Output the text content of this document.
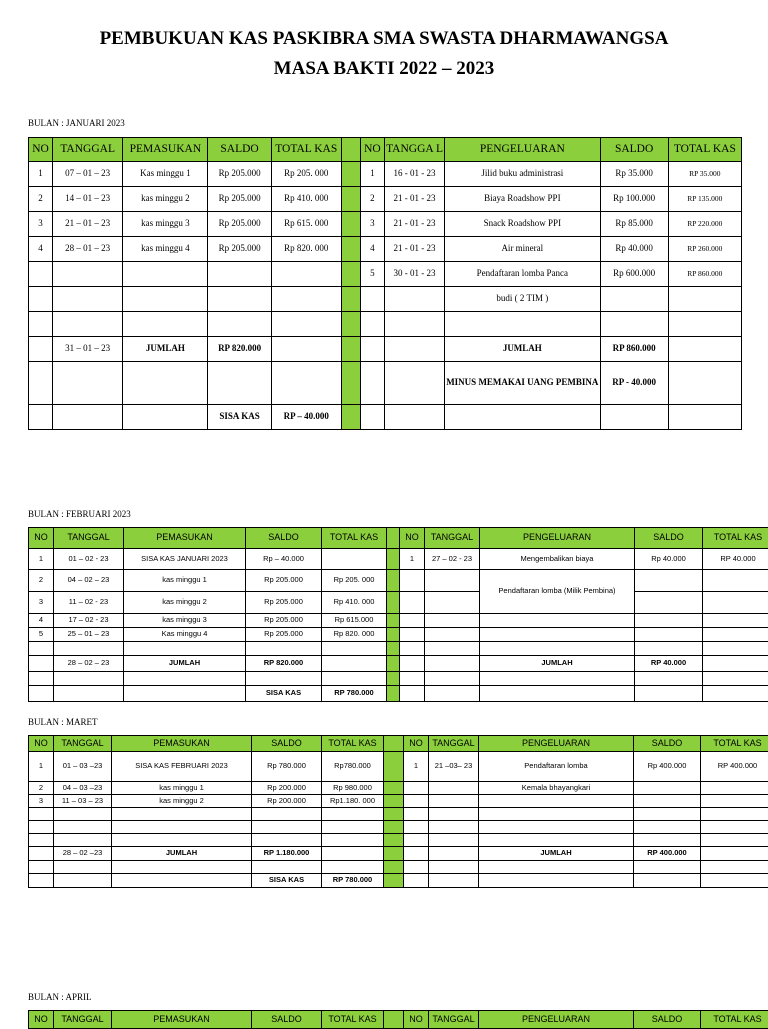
PEMBUKUAN KAS PASKIBRA SMA SWASTA DHARMAWANGSA
MASA BAKTI 2022 – 2023
BULAN : JANUARI 2023
NO	TANGGAL	PEMASUKAN	SALDO	TOTAL KAS		NO	TANGGA L	PENGELUARAN	SALDO	TOTAL KAS
1	07 – 01 – 23	Kas minggu 1	Rp 205.000	Rp 205. 000		1	16 - 01 - 23	Jilid buku administrasi	Rp 35.000	RP 35.000
2	14 – 01 – 23	kas minggu 2	Rp 205.000	Rp 410. 000		2	21 - 01 - 23	Biaya Roadshow PPI	Rp 100.000	RP 135.000
3	21 – 01 – 23	kas minggu 3	Rp 205.000	Rp 615. 000		3	21 - 01 - 23	Snack Roadshow PPI	Rp 85.000	RP 220.000
4	28 – 01 – 23	kas minggu 4	Rp 205.000	Rp 820. 000		4	21 - 01 - 23	Air mineral	Rp 40.000	RP 260.000
						5	30 - 01 - 23	Pendaftaran lomba Panca	Rp 600.000	RP 860.000
								budi ( 2 TIM )		

	31 – 01 – 23	JUMLAH	RP 820.000					JUMLAH	RP 860.000	
								MINUS MEMAKAI UANG PEMBINA	RP - 40.000	
			SISA KAS	RP – 40.000						
BULAN : FEBRUARI 2023
NO	TANGGAL	PEMASUKAN	SALDO	TOTAL KAS		NO	TANGGAL	PENGELUARAN	SALDO	TOTAL KAS
1	01 – 02 - 23	SISA KAS JANUARI 2023	Rp – 40.000			1	27 – 02 - 23	Mengembalikan biaya	Rp 40.000	RP 40.000
2	04 – 02 – 23	kas minggu 1	Rp 205.000	Rp 205. 000				Pendaftaran lomba (Milik Pembina)		
3	11 – 02 - 23	kas minggu 2	Rp 205.000	Rp 410. 000						
4	17 – 02 - 23	kas minggu 3	Rp 205.000	Rp 615.000						
5	25 – 01 – 23	Kas minggu 4	Rp 205.000	Rp 820. 000						

	28 – 02 – 23	JUMLAH	RP 820.000					JUMLAH	RP 40.000	

			SISA KAS	RP 780.000						
BULAN : MARET
NO	TANGGAL	PEMASUKAN	SALDO	TOTAL KAS		NO	TANGGAL	PENGELUARAN	SALDO	TOTAL KAS
1	01 – 03 –23	SISA KAS FEBRUARI 2023	Rp 780.000	Rp780.000		1	21 –03– 23	Pendaftaran lomba	Rp 400.000	RP 400.000
2	04 – 03 –23	kas minggu 1	Rp 200.000	Rp 980.000				Kemala bhayangkari		
3	11 – 03 – 23	kas minggu 2	Rp 200.000	Rp1.180. 000						

	28 – 02 –23	JUMLAH	RP 1.180.000					JUMLAH	RP 400.000	

			SISA KAS	RP 780.000						
BULAN : APRIL
NO	TANGGAL	PEMASUKAN	SALDO	TOTAL KAS		NO	TANGGAL	PENGELUARAN	SALDO	TOTAL KAS
